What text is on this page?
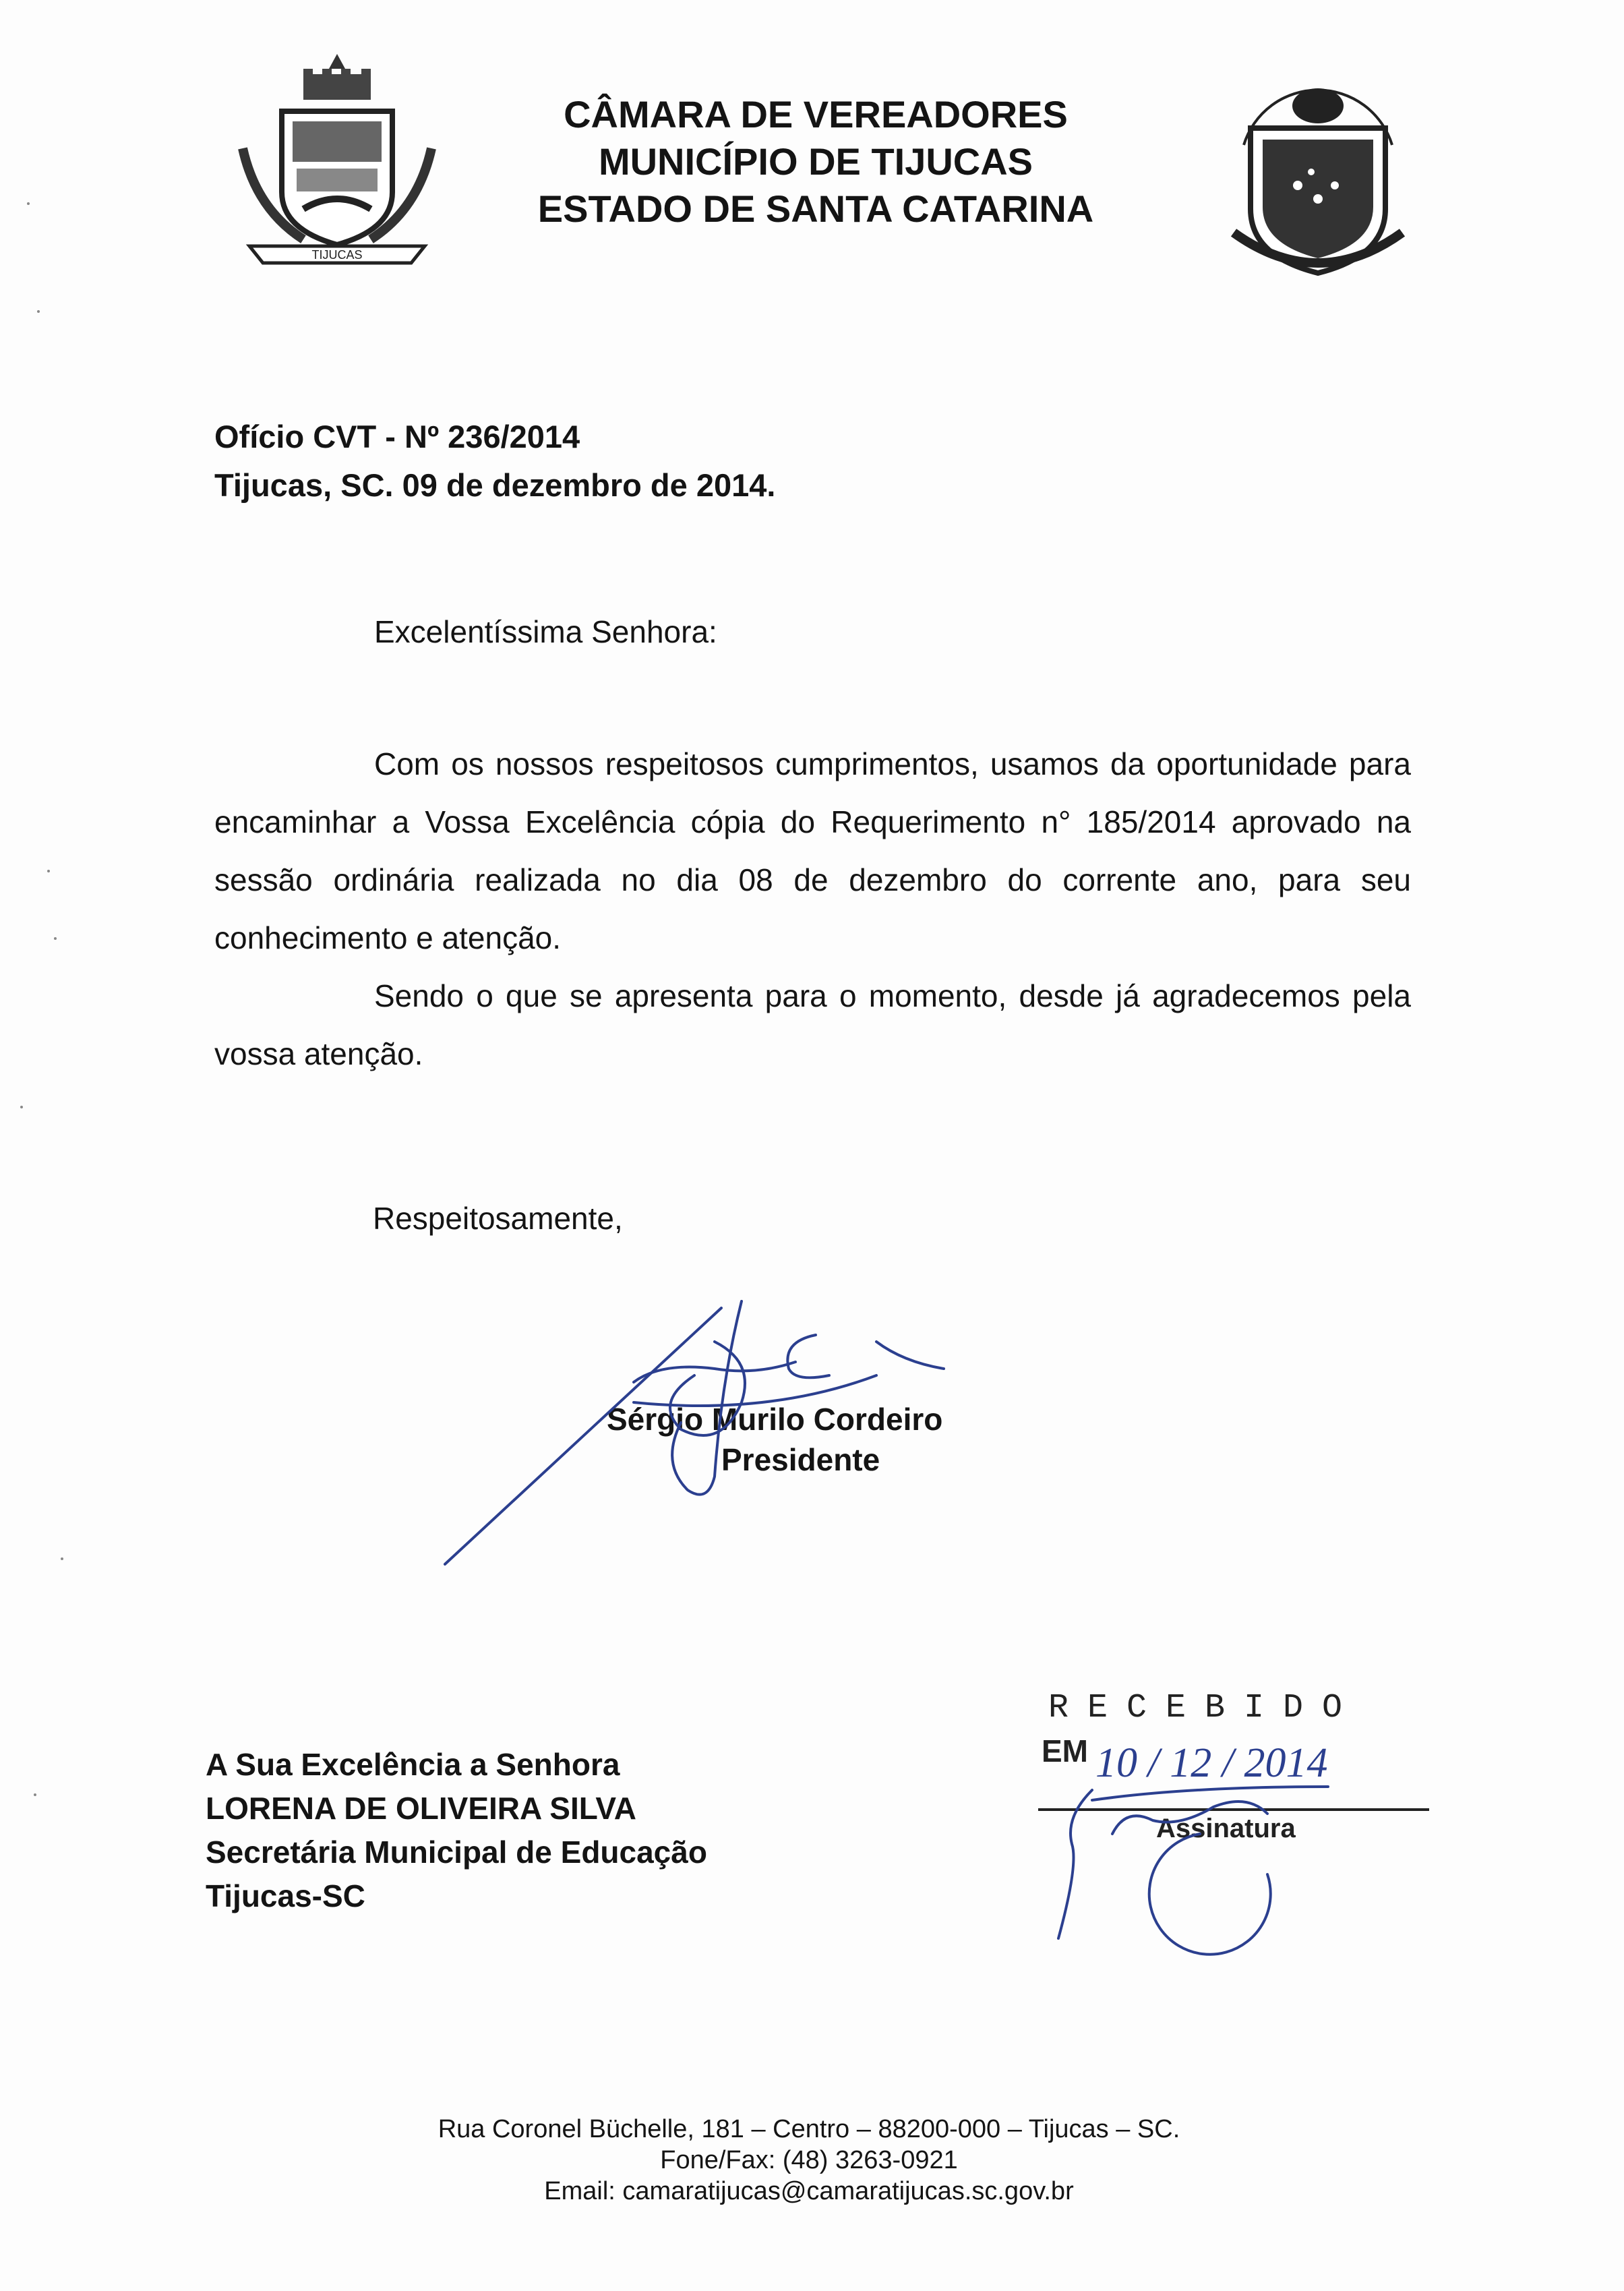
TIJUCAS
CÂMARA DE VEREADORES
MUNICÍPIO DE TIJUCAS
ESTADO DE SANTA CATARINA
Ofício CVT - Nº 236/2014
Tijucas, SC. 09 de dezembro de 2014.
Excelentíssima Senhora:

Com os nossos respeitosos cumprimentos, usamos da oportunidade para encaminhar a Vossa Excelência cópia do Requerimento n° 185/2014 aprovado na sessão ordinária realizada no dia 08 de dezembro do corrente ano, para seu conhecimento e atenção.

Sendo o que se apresenta para o momento, desde já agradecemos pela vossa atenção.

Respeitosamente,
Sérgio Murilo Cordeiro
Presidente
A Sua Excelência a Senhora
LORENA DE OLIVEIRA SILVA
Secretária Municipal de Educação
Tijucas-SC
RECEBIDO
EM
Assinatura
10 / 12 / 2014
Rua Coronel Büchelle, 181 – Centro – 88200-000 – Tijucas – SC.
Fone/Fax: (48) 3263-0921
Email: camaratijucas@camaratijucas.sc.gov.br
